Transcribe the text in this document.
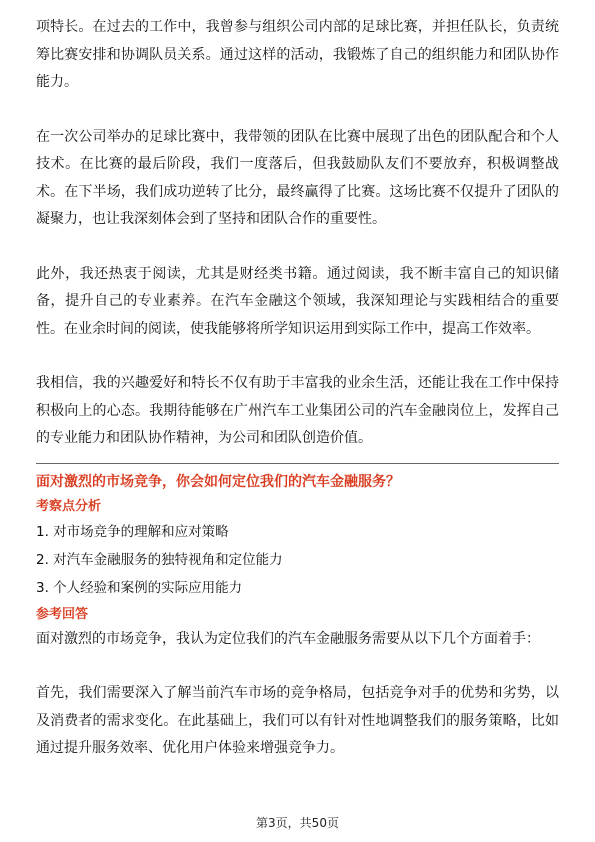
项特长。在过去的工作中，我曾参与组织公司内部的足球比赛，并担任队长，负责统筹比赛安排和协调队员关系。通过这样的活动，我锻炼了自己的组织能力和团队协作能力。

在一次公司举办的足球比赛中，我带领的团队在比赛中展现了出色的团队配合和个人技术。在比赛的最后阶段，我们一度落后，但我鼓励队友们不要放弃，积极调整战术。在下半场，我们成功逆转了比分，最终赢得了比赛。这场比赛不仅提升了团队的凝聚力，也让我深刻体会到了坚持和团队合作的重要性。

此外，我还热衷于阅读，尤其是财经类书籍。通过阅读，我不断丰富自己的知识储备，提升自己的专业素养。在汽车金融这个领域，我深知理论与实践相结合的重要性。在业余时间的阅读，使我能够将所学知识运用到实际工作中，提高工作效率。

我相信，我的兴趣爱好和特长不仅有助于丰富我的业余生活，还能让我在工作中保持积极向上的心态。我期待能够在广州汽车工业集团公司的汽车金融岗位上，发挥自己的专业能力和团队协作精神，为公司和团队创造价值。

面对激烈的市场竞争，你会如何定位我们的汽车金融服务？

考察点分析

1. 对市场竞争的理解和应对策略
2. 对汽车金融服务的独特视角和定位能力
3. 个人经验和案例的实际应用能力

参考回答

面对激烈的市场竞争，我认为定位我们的汽车金融服务需要从以下几个方面着手：

首先，我们需要深入了解当前汽车市场的竞争格局，包括竞争对手的优势和劣势，以及消费者的需求变化。在此基础上，我们可以有针对性地调整我们的服务策略，比如通过提升服务效率、优化用户体验来增强竞争力。

第3页，共50页
